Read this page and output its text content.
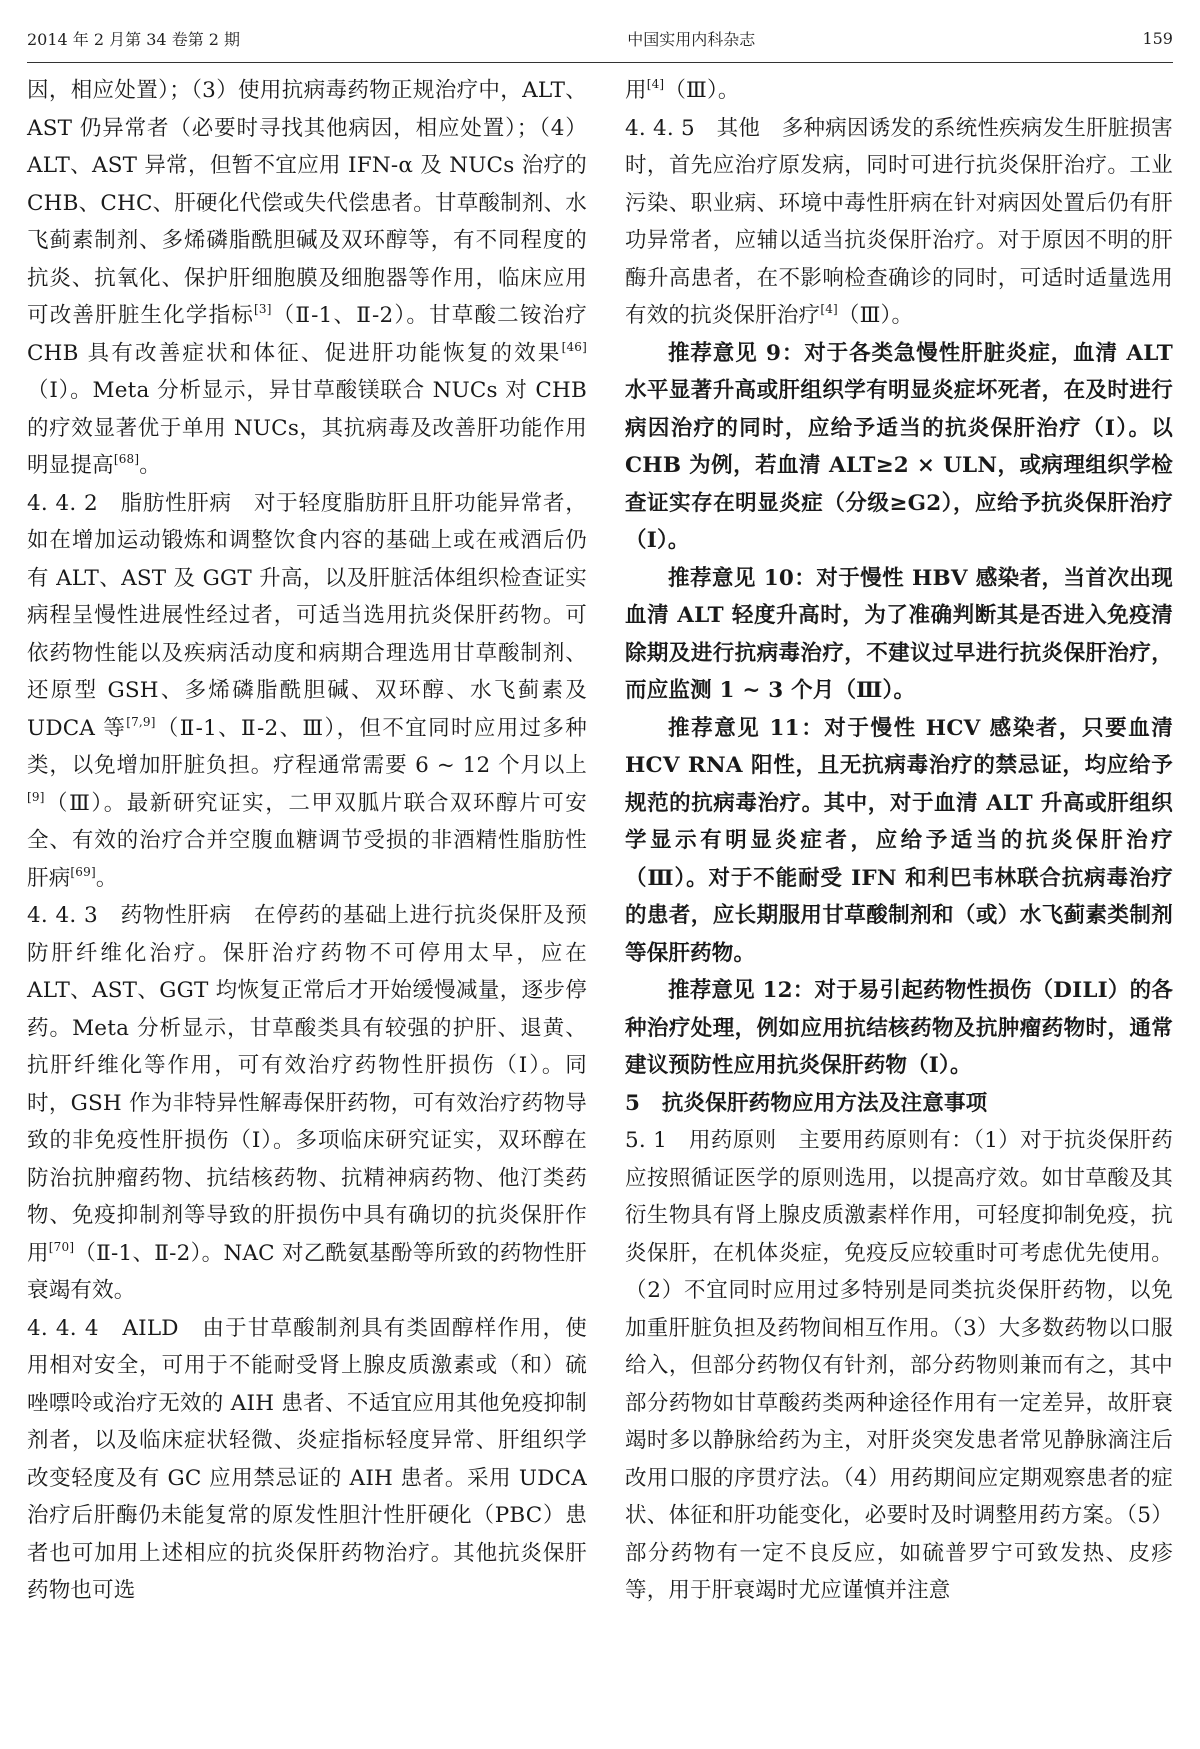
2014 年 2 月第 34 卷第 2 期	中国实用内科杂志	159

因，相应处置）；（3）使用抗病毒药物正规治疗中，ALT、AST 仍异常者（必要时寻找其他病因，相应处置）；（4）ALT、AST 异常，但暂不宜应用 IFN-α 及 NUCs 治疗的 CHB、CHC、肝硬化代偿或失代偿患者。甘草酸制剂、水飞蓟素制剂、多烯磷脂酰胆碱及双环醇等，有不同程度的抗炎、抗氧化、保护肝细胞膜及细胞器等作用，临床应用可改善肝脏生化学指标[3]（Ⅱ-1、Ⅱ-2）。甘草酸二铵治疗 CHB 具有改善症状和体征、促进肝功能恢复的效果[46]（Ⅰ）。Meta 分析显示，异甘草酸镁联合 NUCs 对 CHB 的疗效显著优于单用 NUCs，其抗病毒及改善肝功能作用明显提高[68]。

4. 4. 2　 脂肪性肝病　 对于轻度脂肪肝且肝功能异常者，如在增加运动锻炼和调整饮食内容的基础上或在戒酒后仍有 ALT、AST 及 GGT 升高，以及肝脏活体组织检查证实病程呈慢性进展性经过者，可适当选用抗炎保肝药物。可依药物性能以及疾病活动度和病期合理选用甘草酸制剂、还原型 GSH、多烯磷脂酰胆碱、双环醇、水飞蓟素及 UDCA 等[7,9]（Ⅱ-1、Ⅱ-2、Ⅲ），但不宜同时应用过多种类，以免增加肝脏负担。疗程通常需要 6 ~ 12 个月以上[9]（Ⅲ）。最新研究证实，二甲双胍片联合双环醇片可安全、有效的治疗合并空腹血糖调节受损的非酒精性脂肪性肝病[69]。

4. 4. 3　 药物性肝病　 在停药的基础上进行抗炎保肝及预防肝纤维化治疗。保肝治疗药物不可停用太早，应在 ALT、AST、GGT 均恢复正常后才开始缓慢减量，逐步停药。Meta 分析显示，甘草酸类具有较强的护肝、退黄、抗肝纤维化等作用，可有效治疗药物性肝损伤（Ⅰ）。同时，GSH 作为非特异性解毒保肝药物，可有效治疗药物导致的非免疫性肝损伤（Ⅰ）。多项临床研究证实，双环醇在防治抗肿瘤药物、抗结核药物、抗精神病药物、他汀类药物、免疫抑制剂等导致的肝损伤中具有确切的抗炎保肝作用[70]（Ⅱ-1、Ⅱ-2）。NAC 对乙酰氨基酚等所致的药物性肝衰竭有效。

4. 4. 4　 AILD　 由于甘草酸制剂具有类固醇样作用，使用相对安全，可用于不能耐受肾上腺皮质激素或（和）硫唑嘌呤或治疗无效的 AIH 患者、不适宜应用其他免疫抑制剂者，以及临床症状轻微、炎症指标轻度异常、肝组织学改变轻度及有 GC 应用禁忌证的 AIH 患者。采用 UDCA 治疗后肝酶仍未能复常的原发性胆汁性肝硬化（PBC）患者也可加用上述相应的抗炎保肝药物治疗。其他抗炎保肝药物也可选

用[4]（Ⅲ）。

4. 4. 5　 其他　 多种病因诱发的系统性疾病发生肝脏损害时，首先应治疗原发病，同时可进行抗炎保肝治疗。工业污染、职业病、环境中毒性肝病在针对病因处置后仍有肝功异常者，应辅以适当抗炎保肝治疗。对于原因不明的肝酶升高患者，在不影响检查确诊的同时，可适时适量选用有效的抗炎保肝治疗[4]（Ⅲ）。

推荐意见 9：对于各类急慢性肝脏炎症，血清 ALT 水平显著升高或肝组织学有明显炎症坏死者，在及时进行病因治疗的同时，应给予适当的抗炎保肝治疗（Ⅰ）。以 CHB 为例，若血清 ALT≥2 × ULN，或病理组织学检查证实存在明显炎症（分级≥G2），应给予抗炎保肝治疗（Ⅰ）。

推荐意见 10：对于慢性 HBV 感染者，当首次出现血清 ALT 轻度升高时，为了准确判断其是否进入免疫清除期及进行抗病毒治疗，不建议过早进行抗炎保肝治疗，而应监测 1 ~ 3 个月（Ⅲ）。

推荐意见 11：对于慢性 HCV 感染者，只要血清 HCV RNA 阳性，且无抗病毒治疗的禁忌证，均应给予规范的抗病毒治疗。其中，对于血清 ALT 升高或肝组织学显示有明显炎症者，应给予适当的抗炎保肝治疗（Ⅲ）。对于不能耐受 IFN 和利巴韦林联合抗病毒治疗的患者，应长期服用甘草酸制剂和（或）水飞蓟素类制剂等保肝药物。

推荐意见 12：对于易引起药物性损伤（DILI）的各种治疗处理，例如应用抗结核药物及抗肿瘤药物时，通常建议预防性应用抗炎保肝药物（Ⅰ）。

5　抗炎保肝药物应用方法及注意事项

5. 1　 用药原则　 主要用药原则有：（1）对于抗炎保肝药应按照循证医学的原则选用，以提高疗效。如甘草酸及其衍生物具有肾上腺皮质激素样作用，可轻度抑制免疫，抗炎保肝，在机体炎症，免疫反应较重时可考虑优先使用。（2）不宜同时应用过多特别是同类抗炎保肝药物，以免加重肝脏负担及药物间相互作用。（3）大多数药物以口服给入，但部分药物仅有针剂，部分药物则兼而有之，其中部分药物如甘草酸药类两种途径作用有一定差异，故肝衰竭时多以静脉给药为主，对肝炎突发患者常见静脉滴注后改用口服的序贯疗法。（4）用药期间应定期观察患者的症状、体征和肝功能变化，必要时及时调整用药方案。（5）部分药物有一定不良反应，如硫普罗宁可致发热、皮疹等，用于肝衰竭时尤应谨慎并注意
